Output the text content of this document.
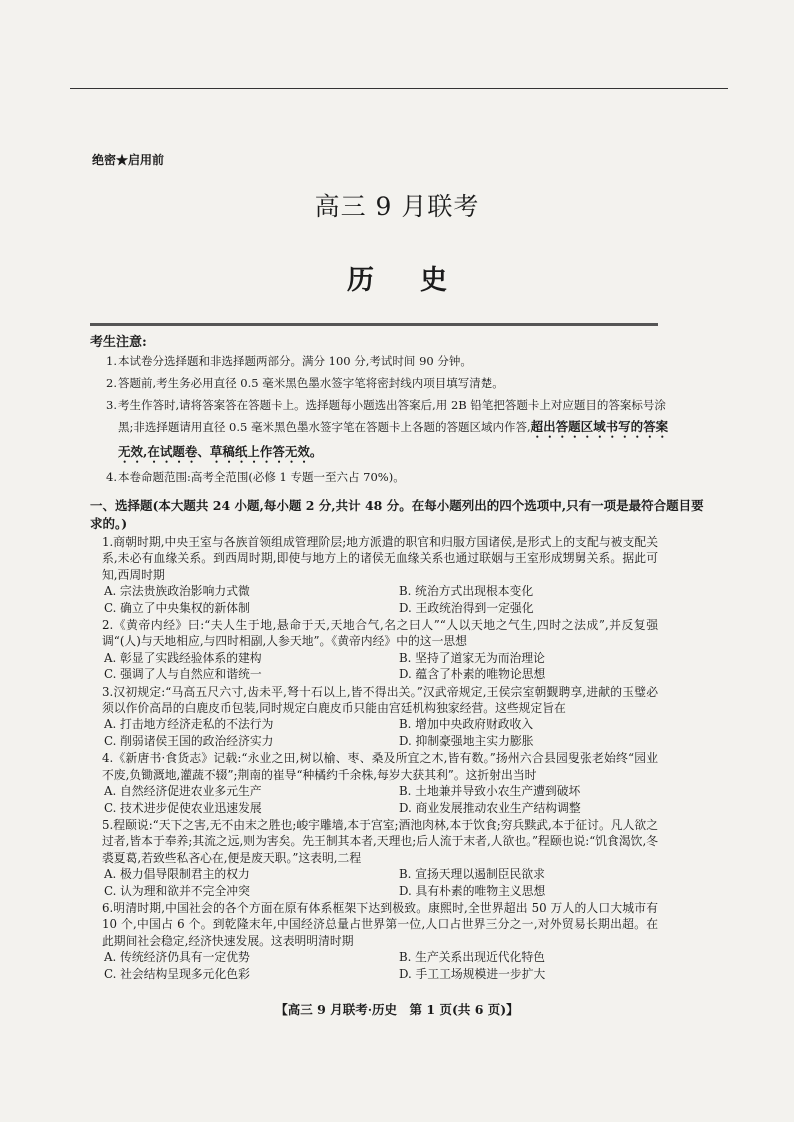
绝密★启用前
高三 9 月联考
历史
考生注意:

1.本试卷分选择题和非选择题两部分。满分 100 分,考试时间 90 分钟。

2.答题前,考生务必用直径 0.5 毫米黑色墨水签字笔将密封线内项目填写清楚。

3.考生作答时,请将答案答在答题卡上。选择题每小题选出答案后,用 2B 铅笔把答题卡上对应题目的答案标号涂黑;非选择题请用直径 0.5 毫米黑色墨水签字笔在答题卡上各题的答题区域内作答,超出答题区域书写的答案无效,在试题卷、草稿纸上作答无效。

4.本卷命题范围:高考全范围(必修 1 专题一至六占 70%)。

一、选择题(本大题共 24 小题,每小题 2 分,共计 48 分。在每小题列出的四个选项中,只有一项是最符合题目要求的。)

1.商朝时期,中央王室与各族首领组成管理阶层;地方派遣的职官和归服方国诸侯,是形式上的支配与被支配关系,未必有血缘关系。到西周时期,即使与地方上的诸侯无血缘关系也通过联姻与王室形成甥舅关系。据此可知,西周时期

A. 宗法贵族政治影响力式微	B. 统治方式出现根本变化
C. 确立了中央集权的新体制	D. 王政统治得到一定强化

2.《黄帝内经》曰:“夫人生于地,悬命于天,天地合气,名之曰人”“人以天地之气生,四时之法成”,并反复强调“(人)与天地相应,与四时相副,人参天地”。《黄帝内经》中的这一思想

A. 彰显了实践经验体系的建构	B. 坚持了道家无为而治理论
C. 强调了人与自然应和谐统一	D. 蕴含了朴素的唯物论思想

3.汉初规定:“马高五尺六寸,齿未平,弩十石以上,皆不得出关。”汉武帝规定,王侯宗室朝觐聘享,进献的玉璧必须以作价高昂的白鹿皮币包装,同时规定白鹿皮币只能由宫廷机构独家经营。这些规定旨在

A. 打击地方经济走私的不法行为	B. 增加中央政府财政收入
C. 削弱诸侯王国的政治经济实力	D. 抑制豪强地主实力膨胀

4.《新唐书·食货志》记载:“永业之田,树以榆、枣、桑及所宜之木,皆有数。”扬州六合县园叟张老始终“园业不废,负锄溉地,灌蔬不辍”;荆南的崔导“种橘约千余株,每岁大获其利”。这折射出当时

A. 自然经济促进农业多元生产	B. 土地兼并导致小农生产遭到破坏
C. 技术进步促使农业迅速发展	D. 商业发展推动农业生产结构调整

5.程颐说:“天下之害,无不由末之胜也;峻宇雕墙,本于宫室;酒池肉林,本于饮食;穷兵黩武,本于征讨。凡人欲之过者,皆本于奉养;其流之远,则为害矣。先王制其本者,天理也;后人流于末者,人欲也。”程颐也说:“饥食渴饮,冬裘夏葛,若致些私吝心在,便是废天职。”这表明,二程

A. 极力倡导限制君主的权力	B. 宣扬天理以遏制臣民欲求
C. 认为理和欲并不完全冲突	D. 具有朴素的唯物主义思想

6.明清时期,中国社会的各个方面在原有体系框架下达到极致。康熙时,全世界超出 50 万人的人口大城市有 10 个,中国占 6 个。到乾隆末年,中国经济总量占世界第一位,人口占世界三分之一,对外贸易长期出超。在此期间社会稳定,经济快速发展。这表明明清时期

A. 传统经济仍具有一定优势	B. 生产关系出现近代化特色
C. 社会结构呈现多元化色彩	D. 手工工场规模进一步扩大
【高三 9 月联考·历史　第 1 页(共 6 页)】
